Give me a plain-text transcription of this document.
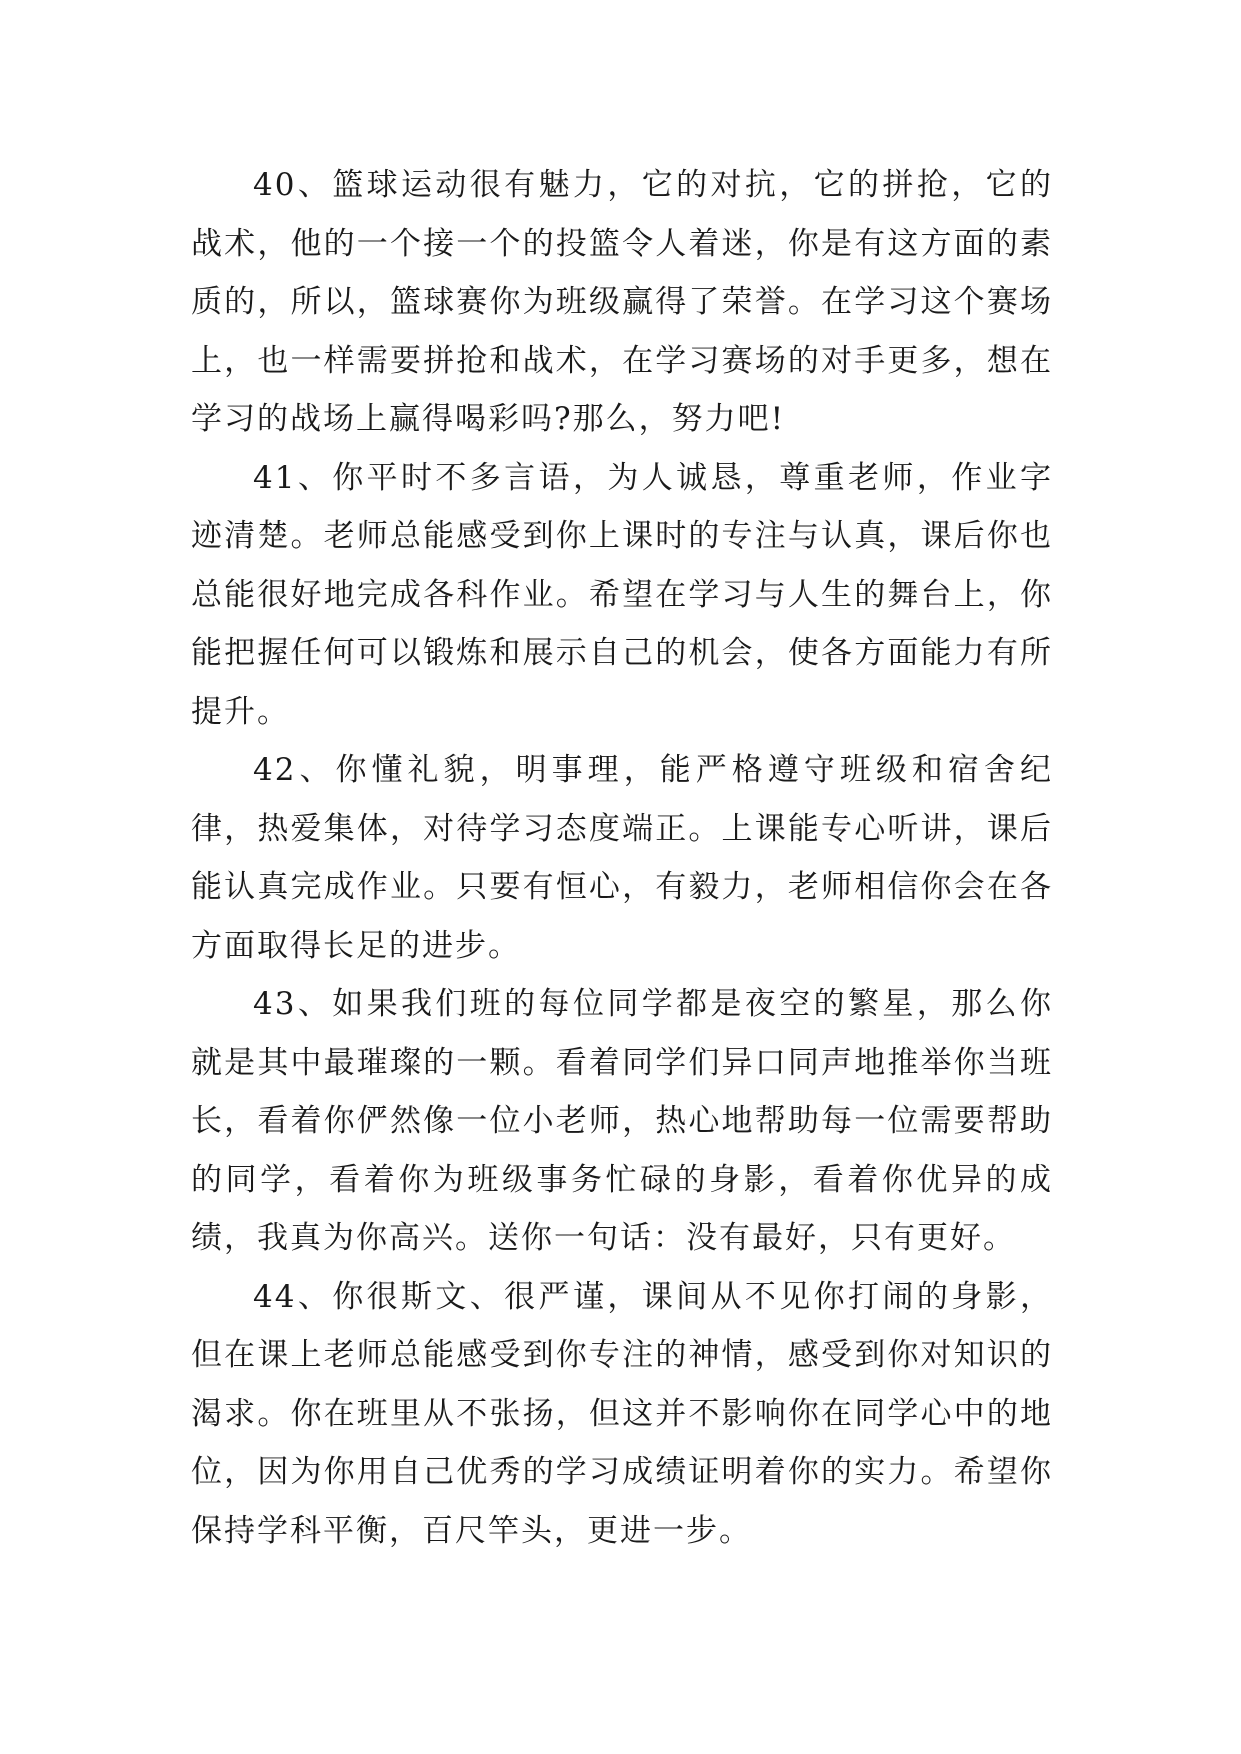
40、篮球运动很有魅力，它的对抗，它的拼抢，它的战术，他的一个接一个的投篮令人着迷，你是有这方面的素质的，所以，篮球赛你为班级赢得了荣誉。在学习这个赛场上，也一样需要拼抢和战术，在学习赛场的对手更多，想在学习的战场上赢得喝彩吗?那么，努力吧!

41、你平时不多言语，为人诚恳，尊重老师，作业字迹清楚。老师总能感受到你上课时的专注与认真，课后你也总能很好地完成各科作业。希望在学习与人生的舞台上，你能把握任何可以锻炼和展示自己的机会，使各方面能力有所提升。

42、你懂礼貌，明事理，能严格遵守班级和宿舍纪律，热爱集体，对待学习态度端正。上课能专心听讲，课后能认真完成作业。只要有恒心，有毅力，老师相信你会在各方面取得长足的进步。

43、如果我们班的每位同学都是夜空的繁星，那么你就是其中最璀璨的一颗。看着同学们异口同声地推举你当班长，看着你俨然像一位小老师，热心地帮助每一位需要帮助的同学，看着你为班级事务忙碌的身影，看着你优异的成绩，我真为你高兴。送你一句话：没有最好，只有更好。

44、你很斯文、很严谨，课间从不见你打闹的身影，但在课上老师总能感受到你专注的神情，感受到你对知识的渴求。你在班里从不张扬，但这并不影响你在同学心中的地位，因为你用自己优秀的学习成绩证明着你的实力。希望你保持学科平衡，百尺竿头，更进一步。
